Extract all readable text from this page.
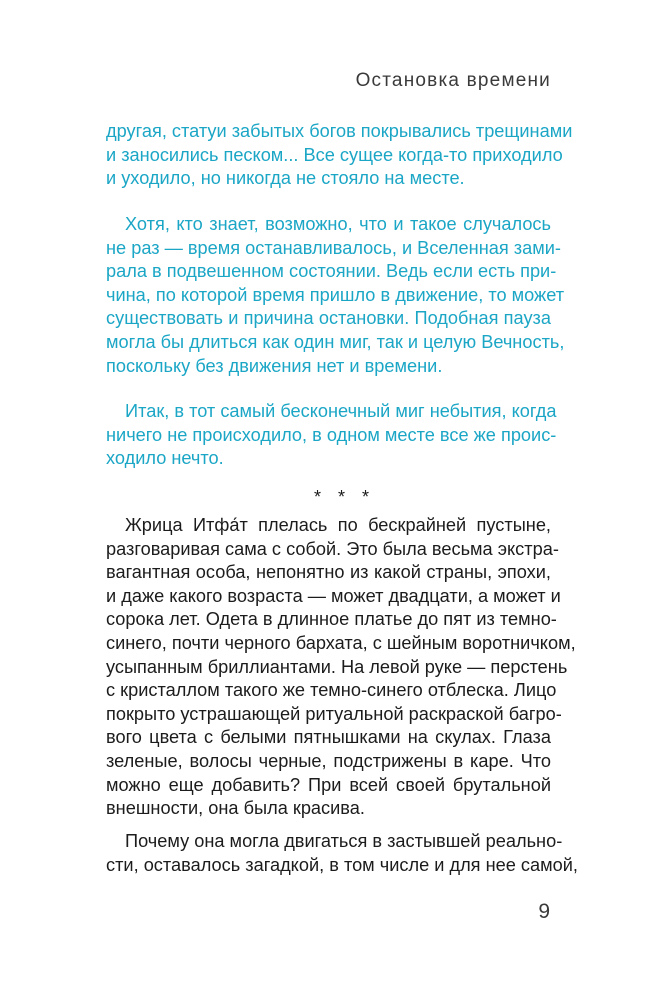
Остановка времени
другая, статуи забытых богов покрывались трещинами
и заносились песком... Все сущее когда-то приходило
и уходило, но никогда не стояло на месте.
Хотя, кто знает, возможно, что и такое случалось
не раз — время останавливалось, и Вселенная зами-
рала в подвешенном состоянии. Ведь если есть при-
чина, по которой время пришло в движение, то может
существовать и причина остановки. Подобная пауза
могла бы длиться как один миг, так и целую Вечность,
поскольку без движения нет и времени.
Итак, в тот самый бесконечный миг небытия, когда
ничего не происходило, в одном месте все же проис-
ходило нечто.
* * *
Жрица Итфа́т плелась по бескрайней пустыне,
разговаривая сама с собой. Это была весьма экстра-
вагантная особа, непонятно из какой страны, эпохи,
и даже какого возраста — может двадцати, а может и
сорока лет. Одета в длинное платье до пят из темно-
синего, почти черного бархата, с шейным воротничком,
усыпанным бриллиантами. На левой руке — перстень
с кристаллом такого же темно-синего отблеска. Лицо
покрыто устрашающей ритуальной раскраской багро-
вого цвета с белыми пятнышками на скулах. Глаза
зеленые, волосы черные, подстрижены в каре. Что
можно еще добавить? При всей своей брутальной
внешности, она была красива.
Почему она могла двигаться в застывшей реально-
сти, оставалось загадкой, в том числе и для нее самой,
9
